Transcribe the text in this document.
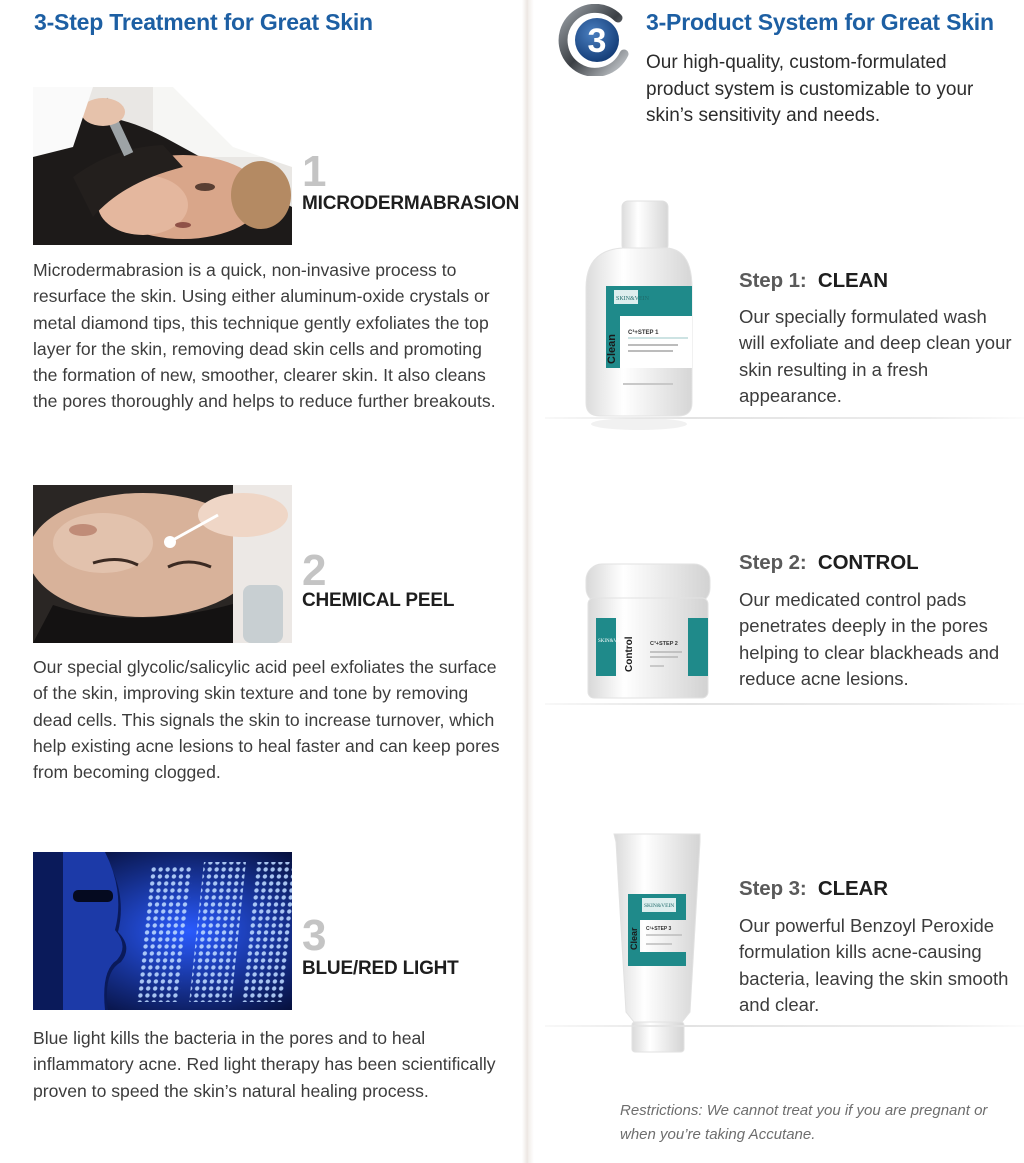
3-Step Treatment for Great Skin
1
MICRODERMABRASION

Microdermabrasion is a quick, non-invasive process to resurface the skin. Using either aluminum-oxide crystals or metal diamond tips, this technique gently exfoliates the top layer for the skin, removing dead skin cells and promoting the formation of new, smoother, clearer skin. It also cleans the pores thoroughly and helps to reduce further breakouts.

2
CHEMICAL PEEL

Our special glycolic/salicylic acid peel exfoliates the surface of the skin, improving skin texture and tone by removing dead cells. This signals the skin to increase turnover, which help existing acne lesions to heal faster and can keep pores from becoming clogged.

3
BLUE/RED LIGHT

Blue light kills the bacteria in the pores and to heal inflammatory acne. Red light therapy has been scientifically proven to speed the skin’s natural healing process.

3 3-Product System for Great Skin

Our high-quality, custom-formulated product system is customizable to your skin’s sensitivity and needs.

SKIN&VEIN
Clean
C³+STEP 1
Step 1: CLEAN

Our specially formulated wash will exfoliate and deep clean your skin resulting in a fresh appearance.

SKIN&VEIN
Control	C³+STEP 2
Step 2: CONTROL

Our medicated control pads penetrates deeply in the pores helping to clear blackheads and reduce acne lesions.

SKIN&VEIN
Clear C³+STEP 3
Step 3: CLEAR

Our powerful Benzoyl Peroxide formulation kills acne-causing bacteria, leaving the skin smooth and clear.

Restrictions: We cannot treat you if you are pregnant or when you’re taking Accutane.
